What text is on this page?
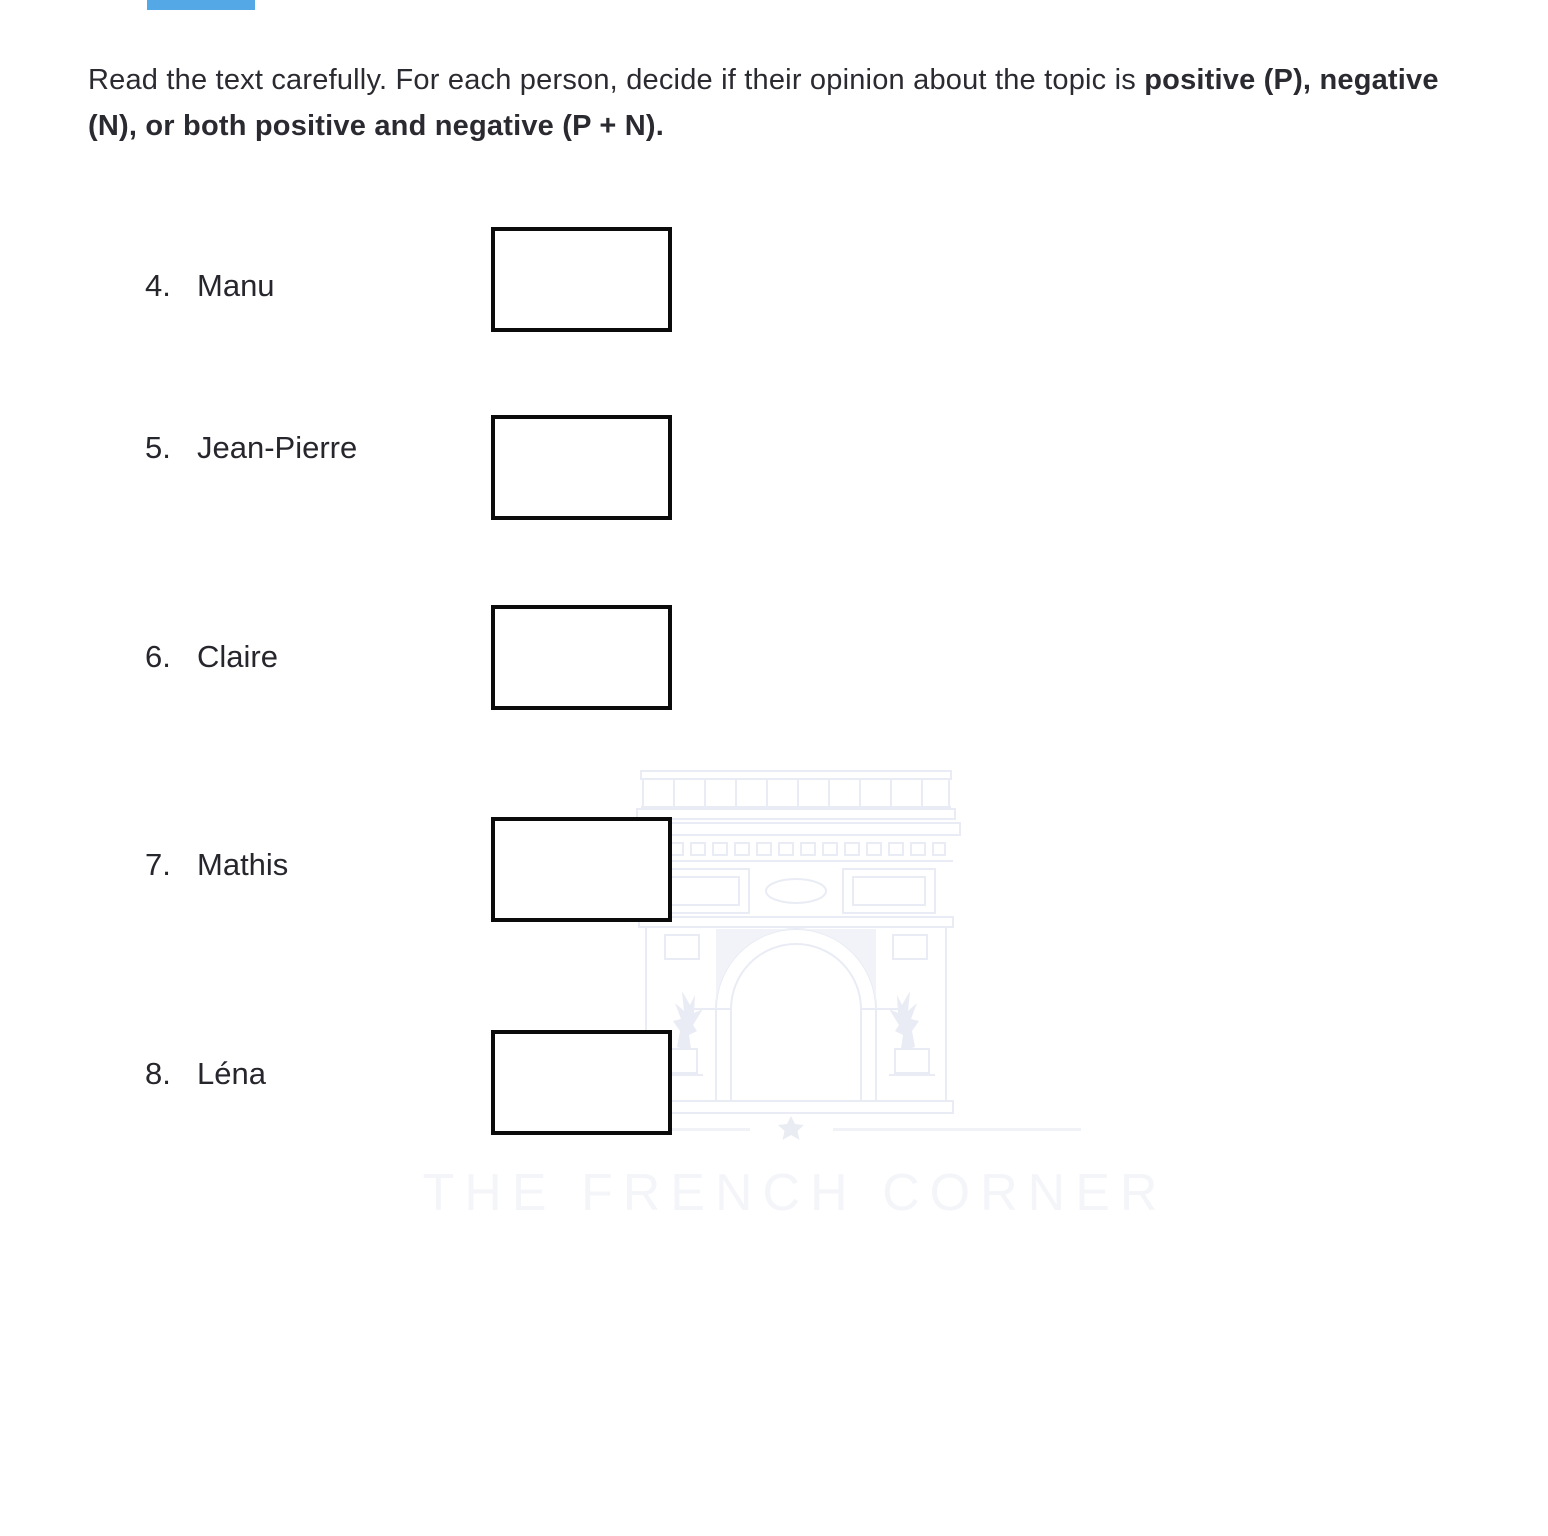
Read the text carefully. For each person, decide if their opinion about the topic is positive (P), negative (N), or both positive and negative (P + N).

THE FRENCH CORNER
4. Manu
5. Jean-Pierre
6. Claire
7. Mathis
8. Léna
